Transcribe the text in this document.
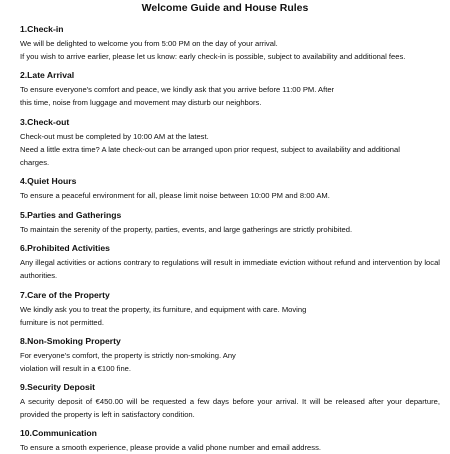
Welcome Guide and House Rules
1.Check-in
We will be delighted to welcome you from 5:00 PM on the day of your arrival.
If you wish to arrive earlier, please let us know: early check-in is possible, subject to availability and additional fees.
2.Late Arrival
To ensure everyone's comfort and peace, we kindly ask that you arrive before 11:00 PM. After
this time, noise from luggage and movement may disturb our neighbors.
3.Check-out
Check-out must be completed by 10:00 AM at the latest.
Need a little extra time? A late check-out can be arranged upon prior request, subject to availability and additional
charges.
4.Quiet Hours
To ensure a peaceful environment for all, please limit noise between 10:00 PM and 8:00 AM.
5.Parties and Gatherings
To maintain the serenity of the property, parties, events, and large gatherings are strictly prohibited.
6.Prohibited Activities
Any illegal activities or actions contrary to regulations will result in immediate eviction without refund and intervention by local authorities.
7.Care of the Property
We kindly ask you to treat the property, its furniture, and equipment with care. Moving
furniture is not permitted.
8.Non-Smoking Property
For everyone's comfort, the property is strictly non-smoking. Any
violation will result in a €100 fine.
9.Security Deposit
A security deposit of €450.00 will be requested a few days before your arrival. It will be released after your departure, provided the property is left in satisfactory condition.
10.Communication
To ensure a smooth experience, please provide a valid phone number and email address.
